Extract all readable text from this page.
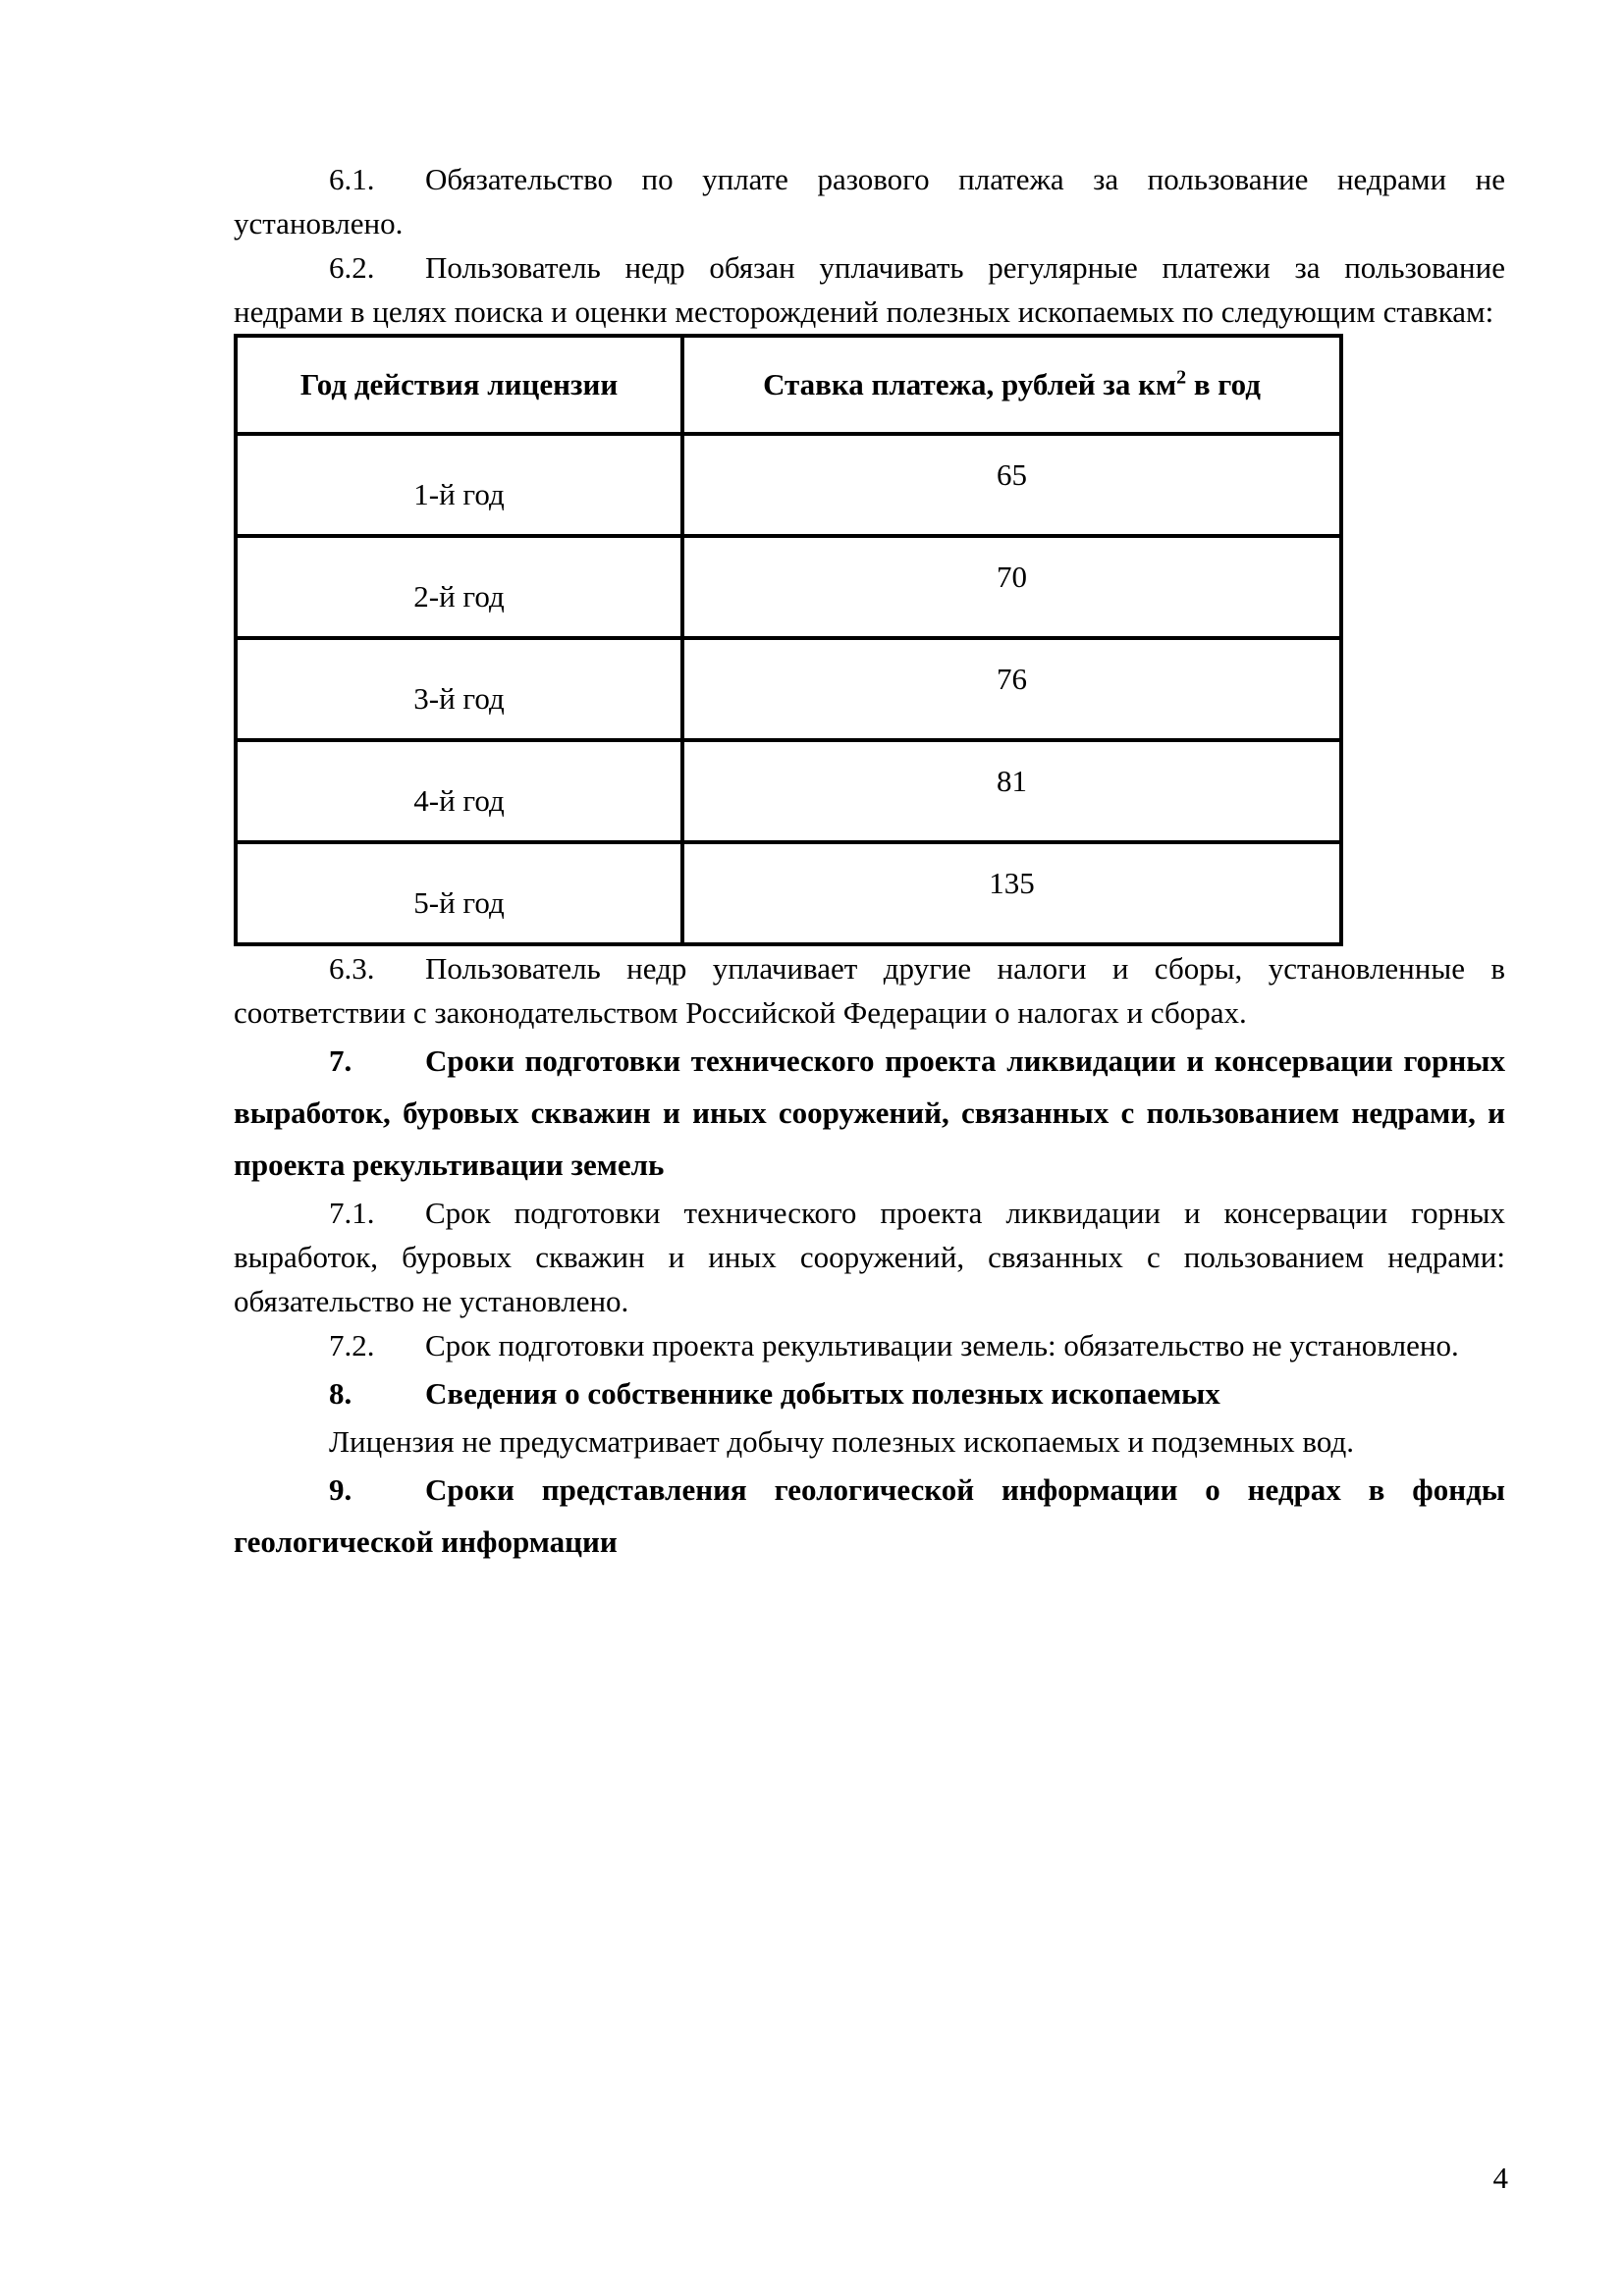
6.1. Обязательство по уплате разового платежа за пользование недрами не установлено.

6.2. Пользователь недр обязан уплачивать регулярные платежи за пользование недрами в целях поиска и оценки месторождений полезных ископаемых по следующим ставкам:

Год действия лицензии	Ставка платежа, рублей за $км^2$ в год
1-й год	65
2-й год	70
3-й год	76
4-й год	81
5-й год	135

6.3. Пользователь недр уплачивает другие налоги и сборы, установленные в соответствии с законодательством Российской Федерации о налогах и сборах.

7. Сроки подготовки технического проекта ликвидации и консервации горных выработок, буровых скважин и иных сооружений, связанных с пользованием недрами, и проекта рекультивации земель

7.1. Срок подготовки технического проекта ликвидации и консервации горных выработок, буровых скважин и иных сооружений, связанных с пользованием недрами: обязательство не установлено.

7.2. Срок подготовки проекта рекультивации земель: обязательство не установлено.

8. Сведения о собственнике добытых полезных ископаемых

Лицензия не предусматривает добычу полезных ископаемых и подземных вод.

9. Сроки представления геологической информации о недрах в фонды геологической информации

4
